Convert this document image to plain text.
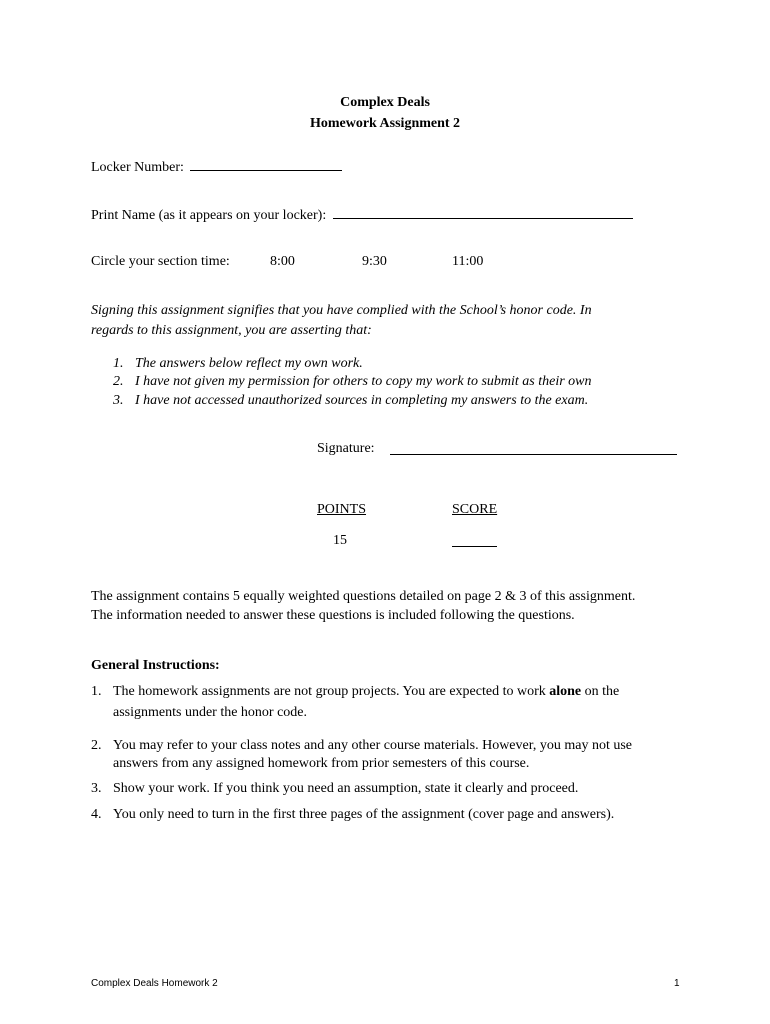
Complex Deals
Homework Assignment 2
Locker Number:
Print Name (as it appears on your locker):
Circle your section time:	8:00	9:30	11:00
Signing this assignment signifies that you have complied with the School’s honor code. In
regards to this assignment, you are asserting that:
1. The answers below reflect my own work.
2. I have not given my permission for others to copy my work to submit as their own
3. I have not accessed unauthorized sources in completing my answers to the exam.
Signature:
POINTS	SCORE
15
The assignment contains 5 equally weighted questions detailed on page 2 & 3 of this assignment.
The information needed to answer these questions is included following the questions.
General Instructions:
1. The homework assignments are not group projects. You are expected to work alone on the
assignments under the honor code.
2. You may refer to your class notes and any other course materials. However, you may not use
answers from any assigned homework from prior semesters of this course.
3. Show your work. If you think you need an assumption, state it clearly and proceed.
4. You only need to turn in the first three pages of the assignment (cover page and answers).
Complex Deals Homework 2	1
